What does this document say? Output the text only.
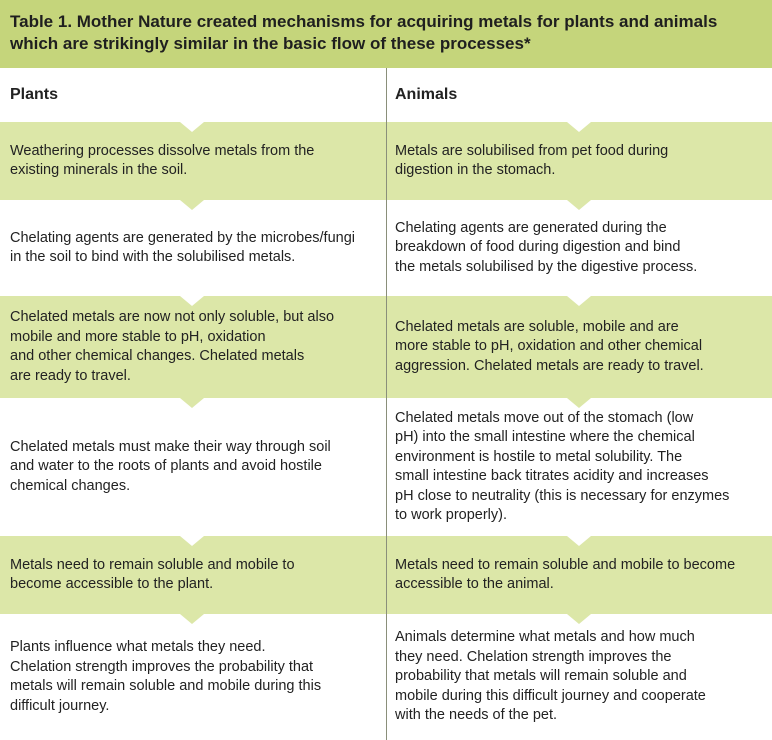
Table 1. Mother Nature created mechanisms for acquiring metals for plants and animals
which are strikingly similar in the basic flow of these processes*
Plants	Animals
Weathering processes dissolve metals from the
existing minerals in the soil.
Metals are solubilised from pet food during
digestion in the stomach.
Chelating agents are generated by the microbes/fungi
in the soil to bind with the solubilised metals.
Chelating agents are generated during the
breakdown of food during digestion and bind
the metals solubilised by the digestive process.
Chelated metals are now not only soluble, but also
mobile and more stable to pH, oxidation
and other chemical changes. Chelated metals
are ready to travel.
Chelated metals are soluble, mobile and are
more stable to pH, oxidation and other chemical
aggression. Chelated metals are ready to travel.
Chelated metals must make their way through soil
and water to the roots of plants and avoid hostile
chemical changes.
Chelated metals move out of the stomach (low
pH) into the small intestine where the chemical
environment is hostile to metal solubility. The
small intestine back titrates acidity and increases
pH close to neutrality (this is necessary for enzymes
to work properly).
Metals need to remain soluble and mobile to
become accessible to the plant.
Metals need to remain soluble and mobile to become
accessible to the animal.
Plants influence what metals they need.
Chelation strength improves the probability that
metals will remain soluble and mobile during this
difficult journey.
Animals determine what metals and how much
they need. Chelation strength improves the
probability that metals will remain soluble and
mobile during this difficult journey and cooperate
with the needs of the pet.
